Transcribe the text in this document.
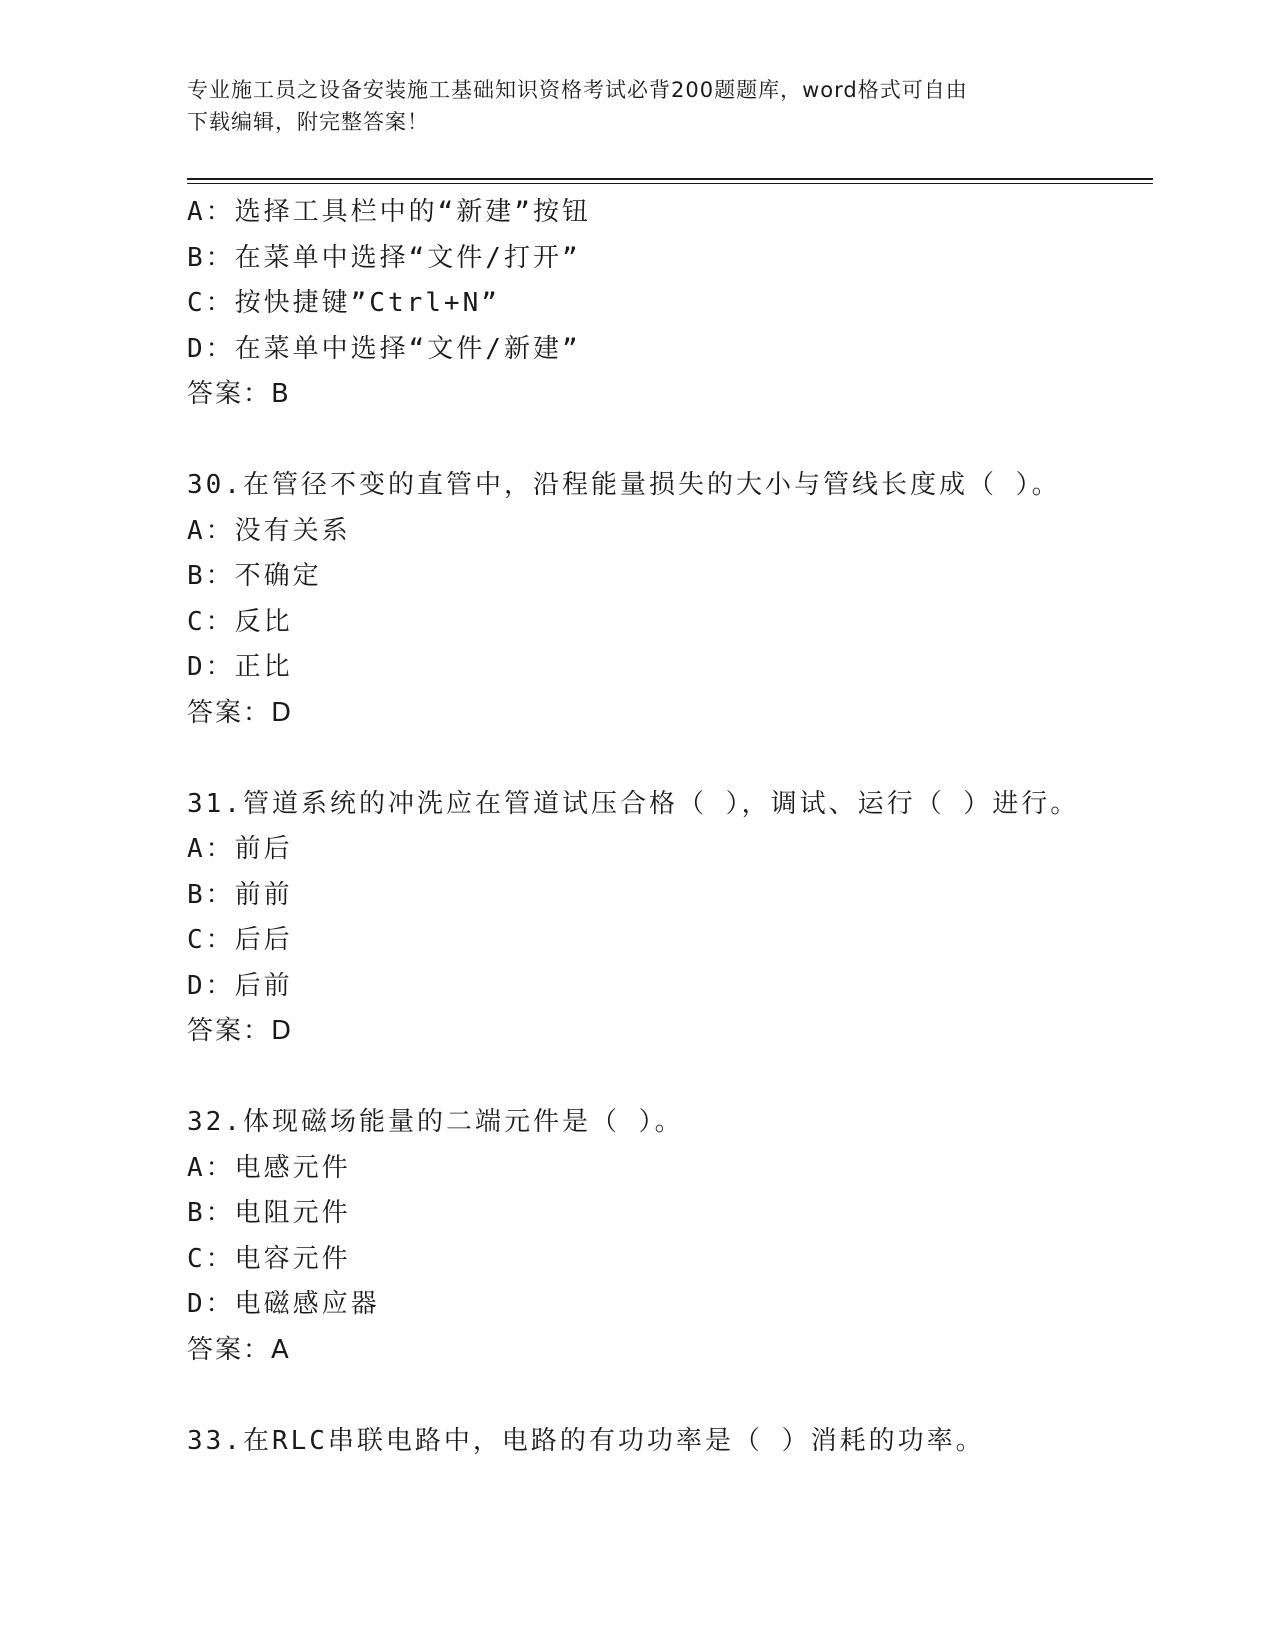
专业施工员之设备安装施工基础知识资格考试必背200题题库，word格式可自由
下载编辑，附完整答案！
A：选择工具栏中的“新建”按钮
B：在菜单中选择“文件/打开”
C：按快捷键”Ctrl+N”
D：在菜单中选择“文件/新建”
答案：B
30.在管径不变的直管中，沿程能量损失的大小与管线长度成（ ）。
A：没有关系
B：不确定
C：反比
D：正比
答案：D
31.管道系统的冲洗应在管道试压合格（ ），调试、运行（ ）进行。
A：前后
B：前前
C：后后
D：后前
答案：D
32.体现磁场能量的二端元件是（ ）。
A：电感元件
B：电阻元件
C：电容元件
D：电磁感应器
答案：A
33.在RLC串联电路中，电路的有功功率是（ ）消耗的功率。
